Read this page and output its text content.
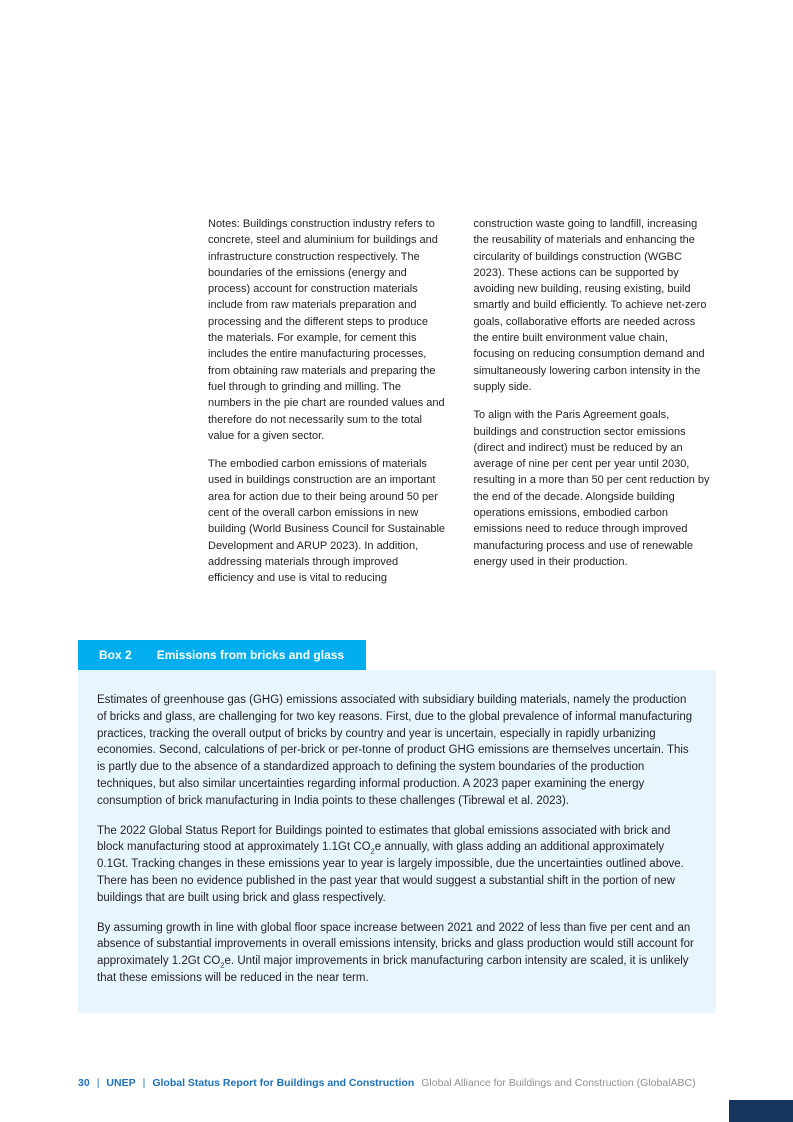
Notes: Buildings construction industry refers to concrete, steel and aluminium for buildings and infrastructure construction respectively. The boundaries of the emissions (energy and process) account for construction materials include from raw materials preparation and processing and the different steps to produce the materials. For example, for cement this includes the entire manufacturing processes, from obtaining raw materials and preparing the fuel through to grinding and milling. The numbers in the pie chart are rounded values and therefore do not necessarily sum to the total value for a given sector.

The embodied carbon emissions of materials used in buildings construction are an important area for action due to their being around 50 per cent of the overall carbon emissions in new building (World Business Council for Sustainable Development and ARUP 2023). In addition, addressing materials through improved efficiency and use is vital to reducing

construction waste going to landfill, increasing the reusability of materials and enhancing the circularity of buildings construction (WGBC 2023). These actions can be supported by avoiding new building, reusing existing, build smartly and build efficiently. To achieve net-zero goals, collaborative efforts are needed across the entire built environment value chain, focusing on reducing consumption demand and simultaneously lowering carbon intensity in the supply side.

To align with the Paris Agreement goals, buildings and construction sector emissions (direct and indirect) must be reduced by an average of nine per cent per year until 2030, resulting in a more than 50 per cent reduction by the end of the decade. Alongside building operations emissions, embodied carbon emissions need to reduce through improved manufacturing process and use of renewable energy used in their production.

Box 2 Emissions from bricks and glass

Estimates of greenhouse gas (GHG) emissions associated with subsidiary building materials, namely the production of bricks and glass, are challenging for two key reasons. First, due to the global prevalence of informal manufacturing practices, tracking the overall output of bricks by country and year is uncertain, especially in rapidly urbanizing economies. Second, calculations of per-brick or per-tonne of product GHG emissions are themselves uncertain. This is partly due to the absence of a standardized approach to defining the system boundaries of the production techniques, but also similar uncertainties regarding informal production. A 2023 paper examining the energy consumption of brick manufacturing in India points to these challenges (Tibrewal et al. 2023).

The 2022 Global Status Report for Buildings pointed to estimates that global emissions associated with brick and block manufacturing stood at approximately 1.1Gt $CO_2e$ annually, with glass adding an additional approximately 0.1Gt. Tracking changes in these emissions year to year is largely impossible, due the uncertainties outlined above. There has been no evidence published in the past year that would suggest a substantial shift in the portion of new buildings that are built using brick and glass respectively.

By assuming growth in line with global floor space increase between 2021 and 2022 of less than five per cent and an absence of substantial improvements in overall emissions intensity, bricks and glass production would still account for approximately 1.2Gt $CO_2e$. Until major improvements in brick manufacturing carbon intensity are scaled, it is unlikely that these emissions will be reduced in the near term.

30 | UNEP | Global Status Report for Buildings and Construction Global Alliance for Buildings and Construction (GlobalABC)
